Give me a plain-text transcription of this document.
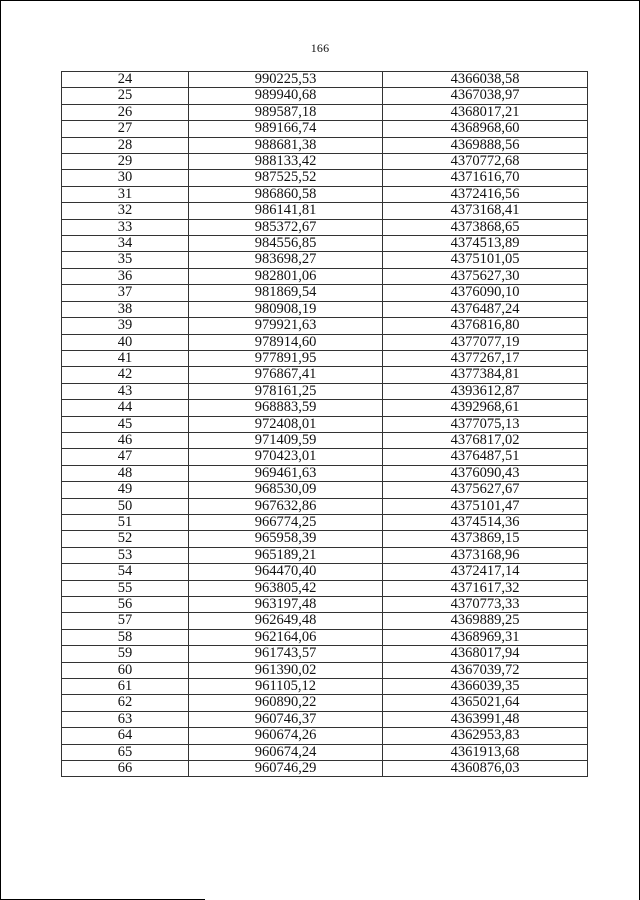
166
24	990225,53	4366038,58
25	989940,68	4367038,97
26	989587,18	4368017,21
27	989166,74	4368968,60
28	988681,38	4369888,56
29	988133,42	4370772,68
30	987525,52	4371616,70
31	986860,58	4372416,56
32	986141,81	4373168,41
33	985372,67	4373868,65
34	984556,85	4374513,89
35	983698,27	4375101,05
36	982801,06	4375627,30
37	981869,54	4376090,10
38	980908,19	4376487,24
39	979921,63	4376816,80
40	978914,60	4377077,19
41	977891,95	4377267,17
42	976867,41	4377384,81
43	978161,25	4393612,87
44	968883,59	4392968,61
45	972408,01	4377075,13
46	971409,59	4376817,02
47	970423,01	4376487,51
48	969461,63	4376090,43
49	968530,09	4375627,67
50	967632,86	4375101,47
51	966774,25	4374514,36
52	965958,39	4373869,15
53	965189,21	4373168,96
54	964470,40	4372417,14
55	963805,42	4371617,32
56	963197,48	4370773,33
57	962649,48	4369889,25
58	962164,06	4368969,31
59	961743,57	4368017,94
60	961390,02	4367039,72
61	961105,12	4366039,35
62	960890,22	4365021,64
63	960746,37	4363991,48
64	960674,26	4362953,83
65	960674,24	4361913,68
66	960746,29	4360876,03
